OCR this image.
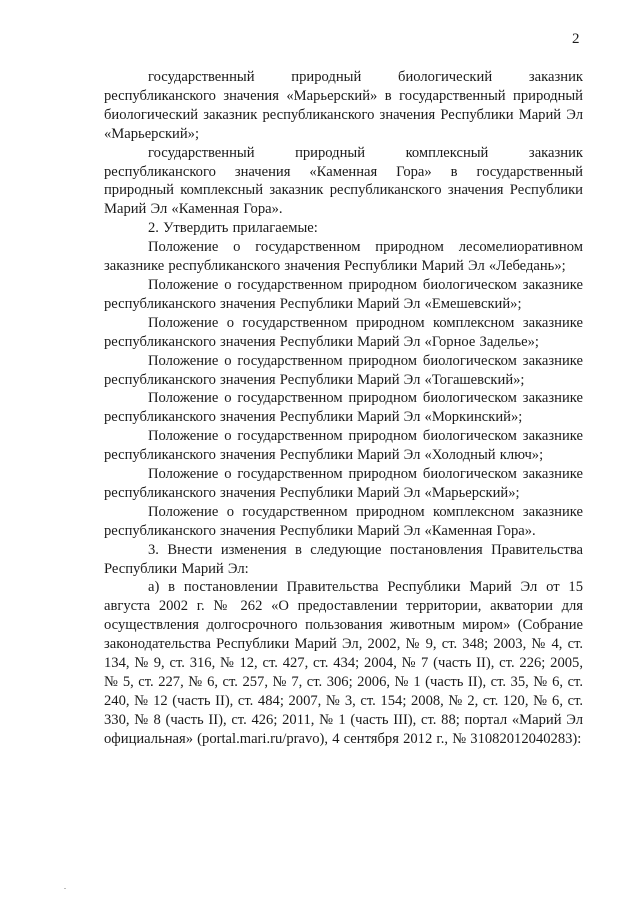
2

государственный природный биологический заказник республиканского значения «Марьерский» в государственный природный биологический заказник республиканского значения Республики Марий Эл «Марьерский»;

государственный природный комплексный заказник республиканского значения «Каменная Гора» в государственный природный комплексный заказник республиканского значения Республики Марий Эл «Каменная Гора».

2. Утвердить прилагаемые:

Положение о государственном природном лесомелиоративном заказнике республиканского значения Республики Марий Эл «Лебедань»;

Положение о государственном природном биологическом заказнике республиканского значения Республики Марий Эл «Емешевский»;

Положение о государственном природном комплексном заказнике республиканского значения Республики Марий Эл «Горное Заделье»;

Положение о государственном природном биологическом заказнике республиканского значения Республики Марий Эл «Тогашевский»;

Положение о государственном природном биологическом заказнике республиканского значения Республики Марий Эл «Моркинский»;

Положение о государственном природном биологическом заказнике республиканского значения Республики Марий Эл «Холодный ключ»;

Положение о государственном природном биологическом заказнике республиканского значения Республики Марий Эл «Марьерский»;

Положение о государственном природном комплексном заказнике республиканского значения Республики Марий Эл «Каменная Гора».

3. Внести изменения в следующие постановления Правительства Республики Марий Эл:

а) в постановлении Правительства Республики Марий Эл от 15 августа 2002 г. № 262 «О предоставлении территории, акватории для осуществления долгосрочного пользования животным миром» (Собрание законодательства Республики Марий Эл, 2002, № 9, ст. 348; 2003, № 4, ст. 134, № 9, ст. 316, № 12, ст. 427, ст. 434; 2004, № 7 (часть II), ст. 226; 2005, № 5, ст. 227, № 6, ст. 257, № 7, ст. 306; 2006, № 1 (часть II), ст. 35, № 6, ст. 240, № 12 (часть II), ст. 484; 2007, № 3, ст. 154; 2008, № 2, ст. 120, № 6, ст. 330, № 8 (часть II), ст. 426; 2011, № 1 (часть III), ст. 88; портал «Марий Эл официальная» (portal.mari.ru/pravo), 4 сентября 2012 г., № 31082012040283):
